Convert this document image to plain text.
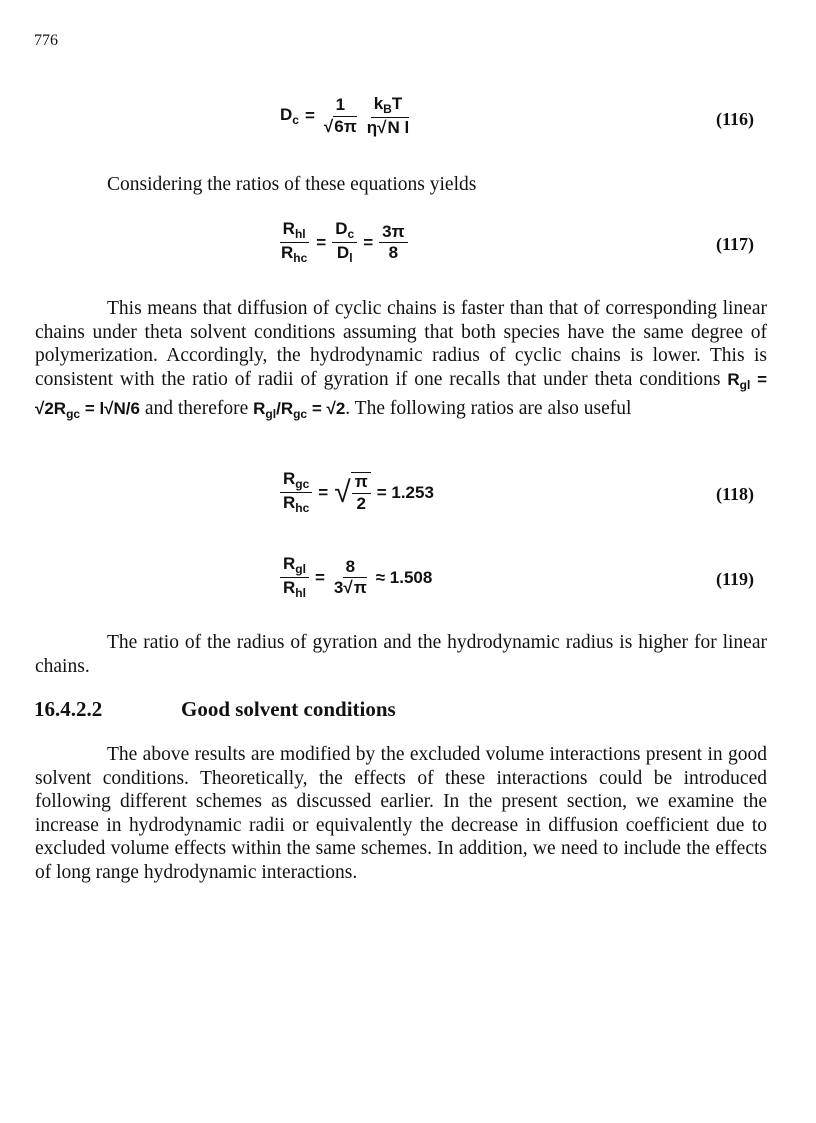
776
$D_c = \frac{1}{√6\pi} \frac{k_BT}{\text{η√N l}}$	(116)

Considering the ratios of these equations yields

$\frac{R_{hl}}{R_{hc}} = \frac{D_c}{D_l} = \frac{3\pi}{8}$	(117)

This means that diffusion of cyclic chains is faster than that of corresponding linear chains under theta solvent conditions assuming that both species have the same degree of polymerization. Accordingly, the hydrodynamic radius of cyclic chains is lower. This is consistent with the ratio of radii of gyration if one recalls that under theta conditions $R_{gl} = √2R_{gc} = l√N/6$ and therefore $R_{gl}/R_{gc} = √2$. The following ratios are also useful

$\frac{R_{gc}}{R_{hc}}$ = √ $\frac{\pi}{2} = 1.253$	(118)
$\frac{R_{gl}}{R_{hl}} = \frac{8}{3√\pi} \approx 1.508$	(119)

The ratio of the radius of gyration and the hydrodynamic radius is higher for linear chains.

16.4.2.2	Good solvent conditions

The above results are modified by the excluded volume interactions present in good solvent conditions. Theoretically, the effects of these interactions could be introduced following different schemes as discussed earlier. In the present section, we examine the increase in hydrodynamic radii or equivalently the decrease in diffusion coefficient due to excluded volume effects within the same schemes. In addition, we need to include the effects of long range hydrodynamic interactions.
